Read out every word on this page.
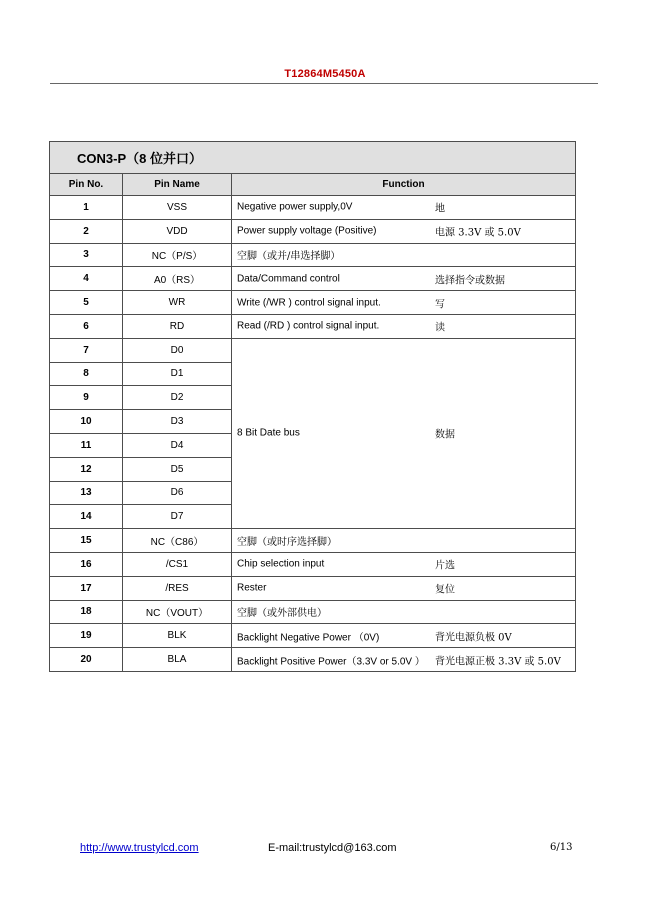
T12864M5450A
CON3-P（8 位并口）		
Pin No.	Pin Name	Function
1	VSS	Negative power supply,0V 地

2	VDD	Power supply voltage (Positive) 电源 3.3V 或 5.0V

3	NC（P/S）	空脚（或并/串选择脚）
4	A0（RS）	Data/Command control 选择指令或数据

5	WR	Write (/WR ) control signal input. 写

6	RD	Read (/RD ) control signal input. 读

7	D0	8 Bit Date bus 数据

8	D1	
9	D2	
10	D3	
11	D4	
12	D5	
13	D6	
14	D7	
15	NC（C86）	空脚（或时序选择脚）
16	/CS1	Chip selection input 片选

17	/RES	Rester 复位

18	NC（VOUT）	空脚（或外部供电）
19	BLK	Backlight Negative Power （0V) 背光电源负极 0V

20	BLA	Backlight Positive Power（3.3V or 5.0V ） 背光电源正极 3.3V 或 5.0V
http://www.trustylcd.com	E-mail:trustylcd@163.com	6/13
